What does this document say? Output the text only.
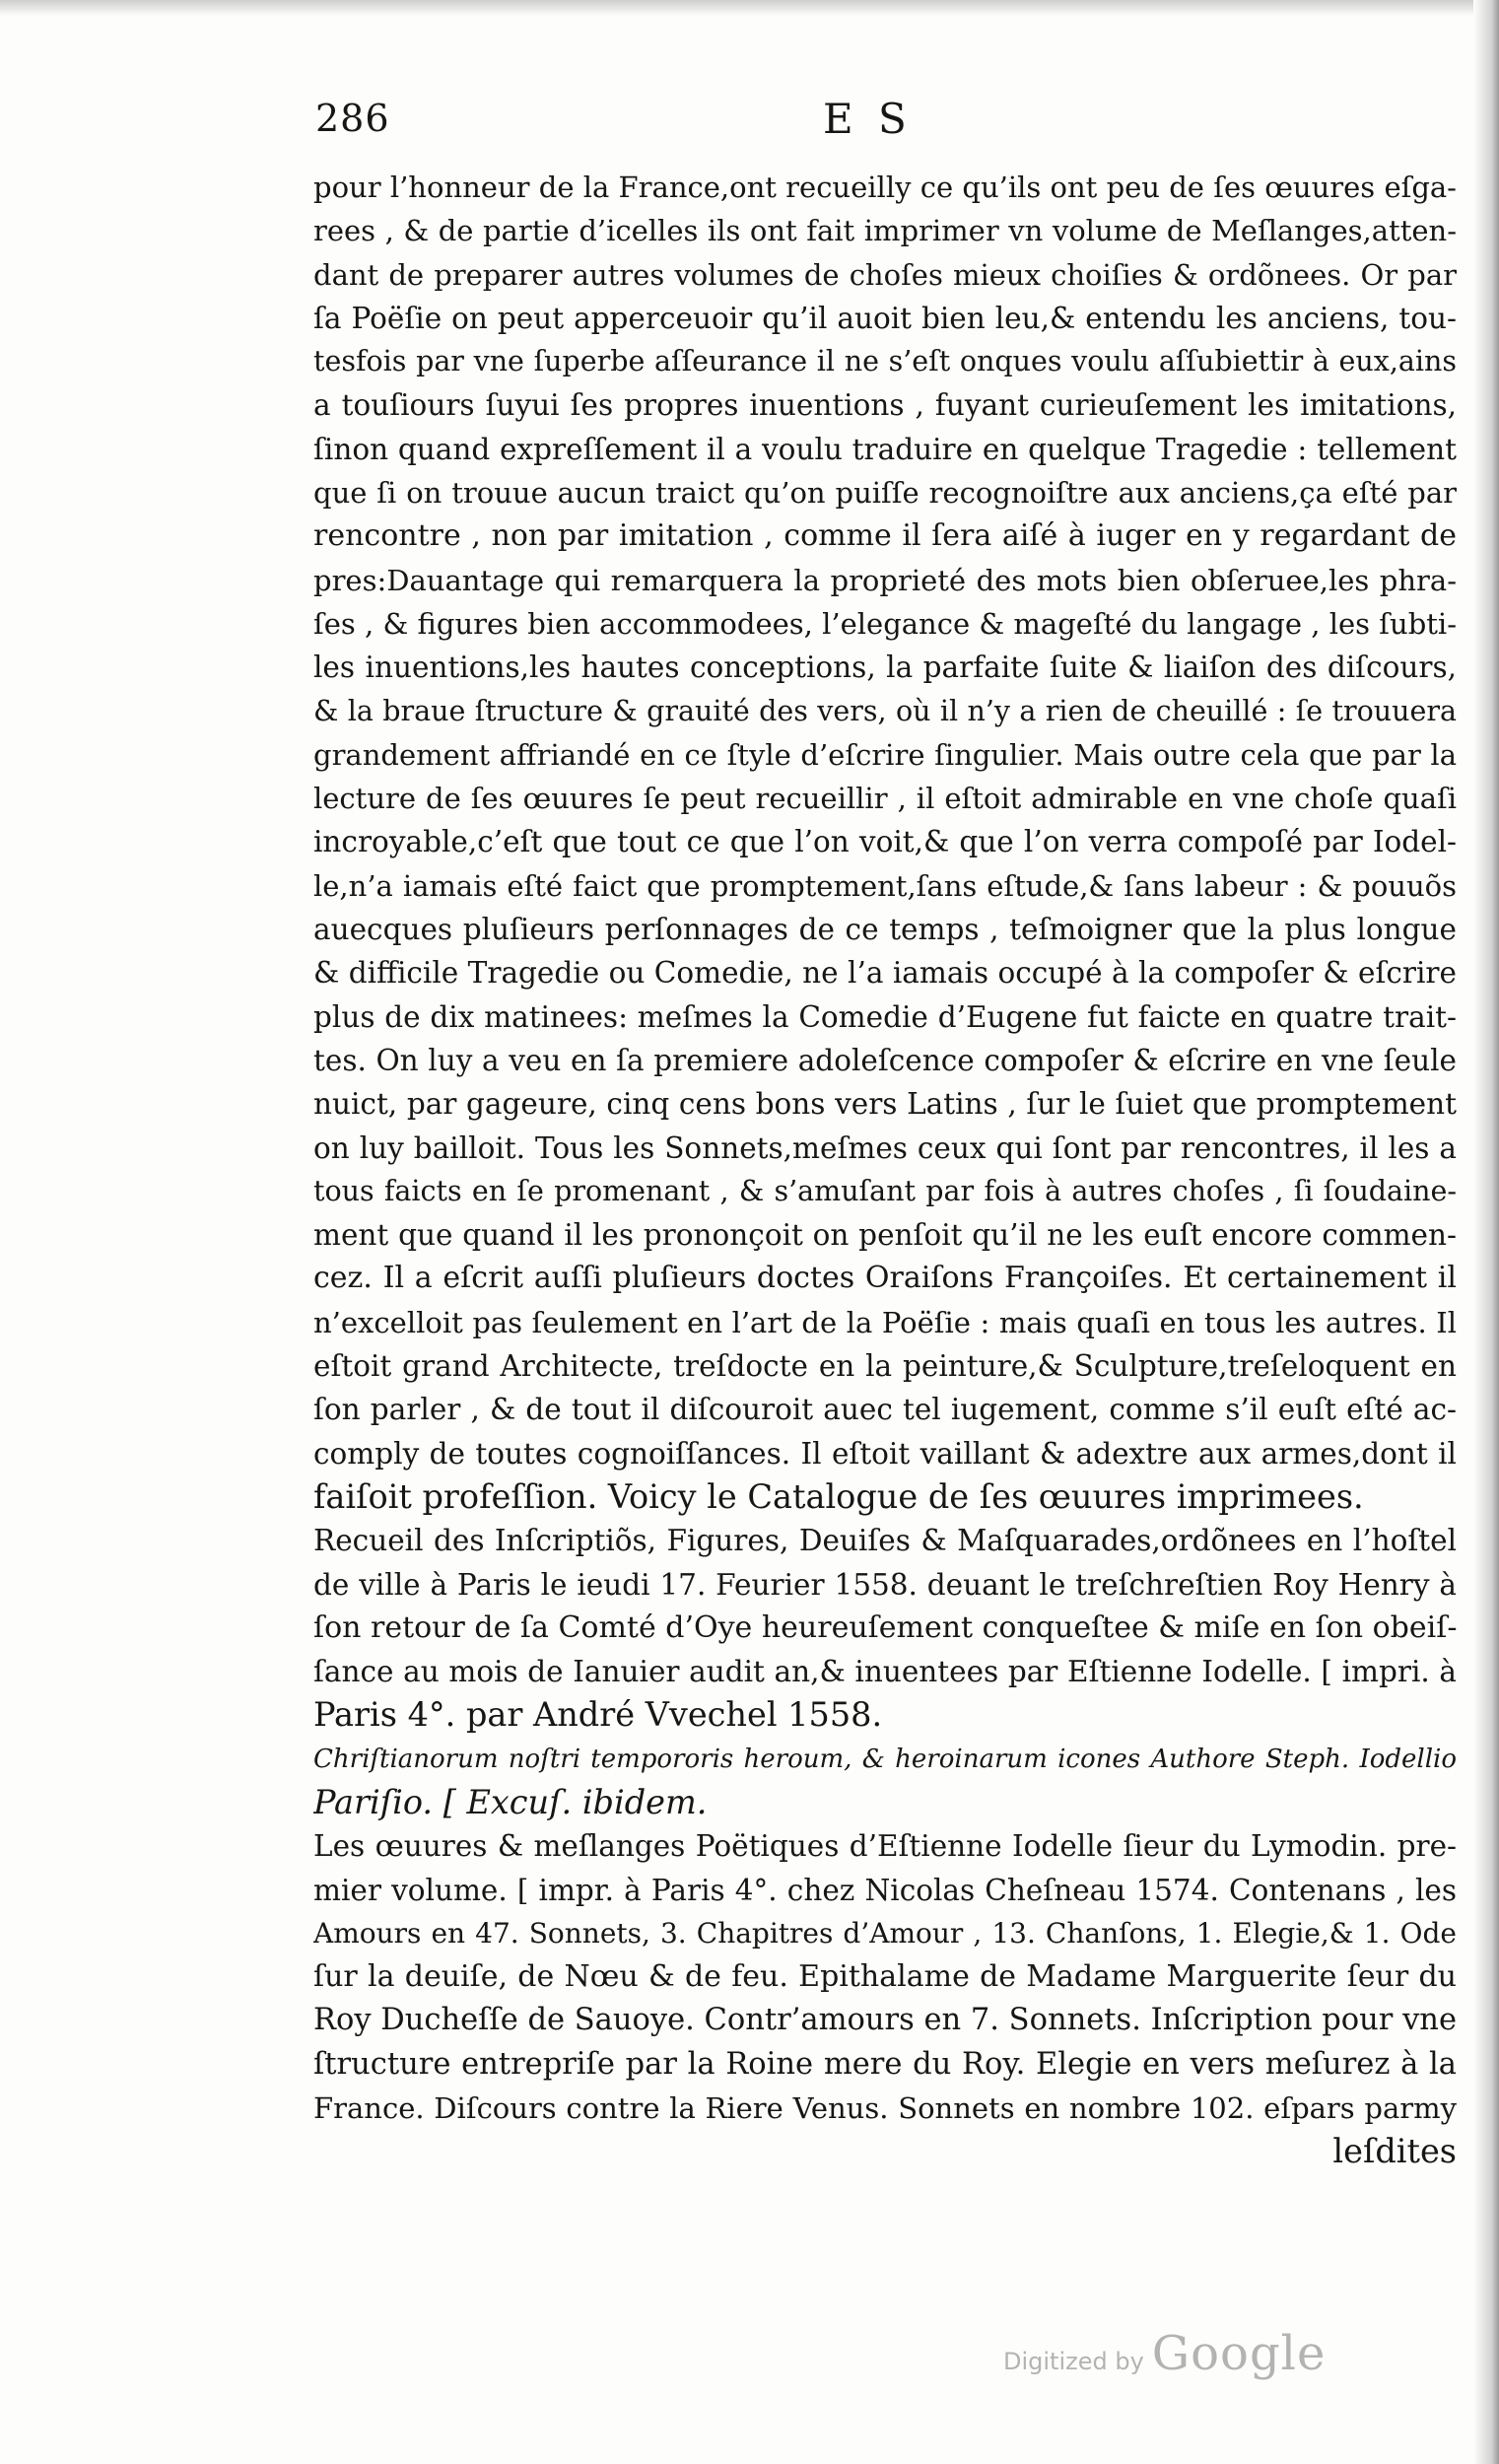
286	E S
pour l’honneur de la France,ont recueilly ce qu’ils ont peu de ſes œuures eſga-
rees , & de partie d’icelles ils ont fait imprimer vn volume de Meſlanges,atten-
dant de preparer autres volumes de choſes mieux choiſies & ordõnees. Or par
ſa Poëſie on peut apperceuoir qu’il auoit bien leu,& entendu les anciens, tou-
tesfois par vne ſuperbe aſſeurance il ne s’eſt onques voulu aſſubiettir à eux,ains
a touſiours ſuyui ſes propres inuentions , fuyant curieuſement les imitations,
ſinon quand expreſſement il a voulu traduire en quelque Tragedie : tellement
que ſi on trouue aucun traict qu’on puiſſe recognoiſtre aux anciens,ça eſté par
rencontre , non par imitation , comme il ſera aiſé à iuger en y regardant de
pres:Dauantage qui remarquera la proprieté des mots bien obſeruee,les phra-
ſes , & figures bien accommodees, l’elegance & mageſté du langage , les ſubti-
les inuentions,les hautes conceptions, la parfaite ſuite & liaiſon des diſcours,
& la braue ſtructure & grauité des vers, où il n’y a rien de cheuillé : ſe trouuera
grandement affriandé en ce ſtyle d’eſcrire ſingulier. Mais outre cela que par la
lecture de ſes œuures ſe peut recueillir , il eſtoit admirable en vne choſe quaſi
incroyable,c’eſt que tout ce que l’on voit,& que l’on verra compoſé par Iodel-
le,n’a iamais eſté faict que promptement,ſans eſtude,& ſans labeur : & pouuõs
auecques pluſieurs perſonnages de ce temps , teſmoigner que la plus longue
& difficile Tragedie ou Comedie, ne l’a iamais occupé à la compoſer & eſcrire
plus de dix matinees: meſmes la Comedie d’Eugene fut faicte en quatre trait-
tes. On luy a veu en ſa premiere adoleſcence compoſer & eſcrire en vne ſeule
nuict, par gageure, cinq cens bons vers Latins , ſur le ſuiet que promptement
on luy bailloit. Tous les Sonnets,meſmes ceux qui ſont par rencontres, il les a
tous faicts en ſe promenant , & s’amuſant par fois à autres choſes , ſi ſoudaine-
ment que quand il les prononçoit on penſoit qu’il ne les euſt encore commen-
cez. Il a eſcrit auſſi pluſieurs doctes Oraiſons Françoiſes. Et certainement il
n’excelloit pas ſeulement en l’art de la Poëſie : mais quaſi en tous les autres. Il
eſtoit grand Architecte, treſdocte en la peinture,& Sculpture,treſeloquent en
ſon parler , & de tout il diſcouroit auec tel iugement, comme s’il euſt eſté ac-
comply de toutes cognoiſſances. Il eſtoit vaillant & adextre aux armes,dont il
faiſoit profeſſion. Voicy le Catalogue de ſes œuures imprimees.
Recueil des Inſcriptiõs, Figures, Deuiſes & Maſquarades,ordõnees en l’hoſtel
de ville à Paris le ieudi 17. Feurier 1558. deuant le treſchreſtien Roy Henry à
ſon retour de ſa Comté d’Oye heureuſement conqueſtee & miſe en ſon obeiſ-
ſance au mois de Ianuier audit an,& inuentees par Eſtienne Iodelle. [ impri. à
Paris 4°. par André Vvechel 1558.
Chriſtianorum noſtri tempororis heroum, & heroinarum icones Authore Steph. Iodellio
Pariſio. [ Excuſ. ibidem.
Les œuures & meſlanges Poëtiques d’Eſtienne Iodelle ſieur du Lymodin. pre-
mier volume. [ impr. à Paris 4°. chez Nicolas Cheſneau 1574. Contenans , les
Amours en 47. Sonnets, 3. Chapitres d’Amour , 13. Chanſons, 1. Elegie,& 1. Ode
ſur la deuiſe, de Nœu & de feu. Epithalame de Madame Marguerite ſeur du
Roy Ducheſſe de Sauoye. Contr’amours en 7. Sonnets. Inſcription pour vne
ſtructure entrepriſe par la Roine mere du Roy. Elegie en vers meſurez à la
France. Diſcours contre la Riere Venus. Sonnets en nombre 102. eſpars parmy
leſdites
Digitized by Google
